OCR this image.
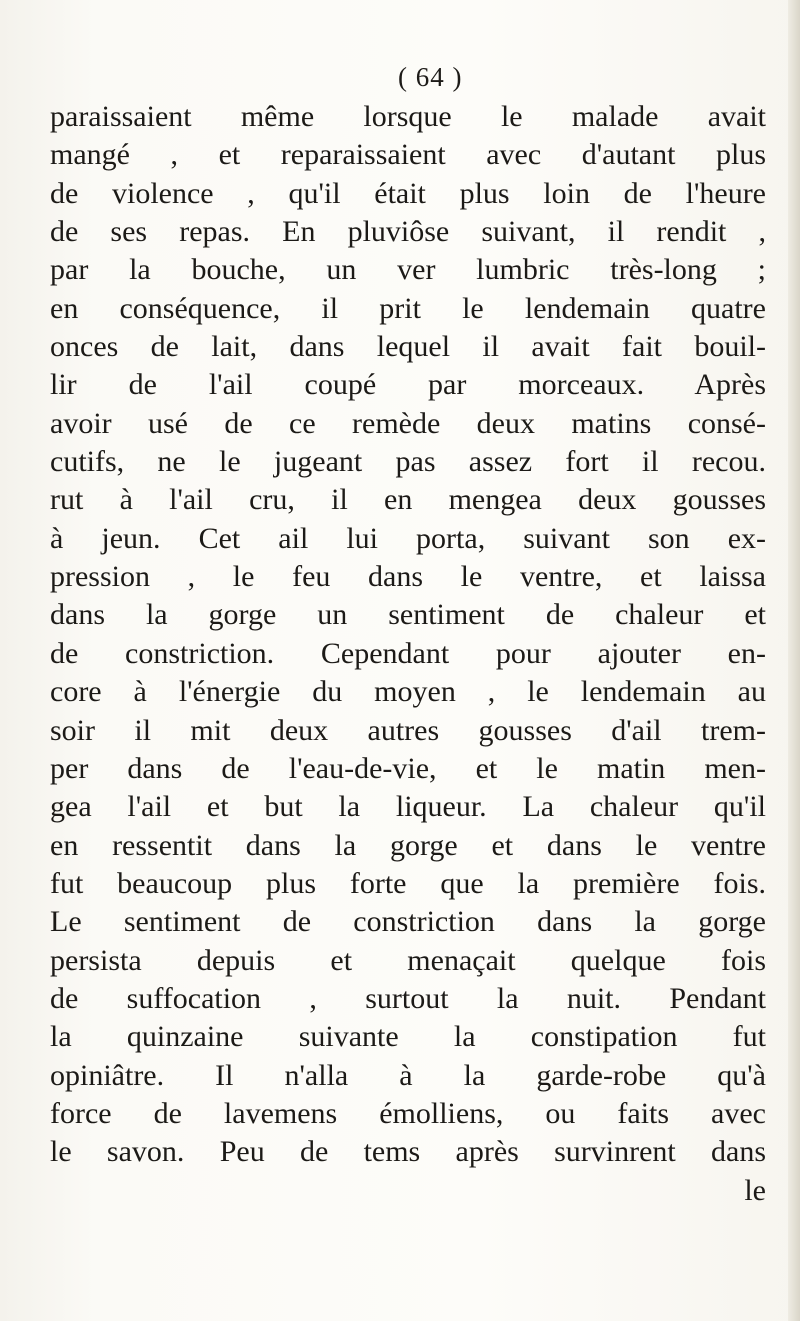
( 64 )
paraissaient même lorsque le malade avait
mangé , et reparaissaient avec d'autant plus
de violence , qu'il était plus loin de l'heure
de ses repas. En pluviôse suivant, il rendit ,
par la bouche, un ver lumbric très-long ;
en conséquence, il prit le lendemain quatre
onces de lait, dans lequel il avait fait bouil-
lir de l'ail coupé par morceaux. Après
avoir usé de ce remède deux matins consé-
cutifs, ne le jugeant pas assez fort il recou.
rut à l'ail cru, il en mengea deux gousses
à jeun. Cet ail lui porta, suivant son ex-
pression , le feu dans le ventre, et laissa
dans la gorge un sentiment de chaleur et
de constriction. Cependant pour ajouter en-
core à l'énergie du moyen , le lendemain au
soir il mit deux autres gousses d'ail trem-
per dans de l'eau-de-vie, et le matin men-
gea l'ail et but la liqueur. La chaleur qu'il
en ressentit dans la gorge et dans le ventre
fut beaucoup plus forte que la première fois.
Le sentiment de constriction dans la gorge
persista depuis et menaçait quelque fois
de suffocation , surtout la nuit. Pendant
la quinzaine suivante la constipation fut
opiniâtre. Il n'alla à la garde-robe qu'à
force de lavemens émolliens, ou faits avec
le savon. Peu de tems après survinrent dans
le
